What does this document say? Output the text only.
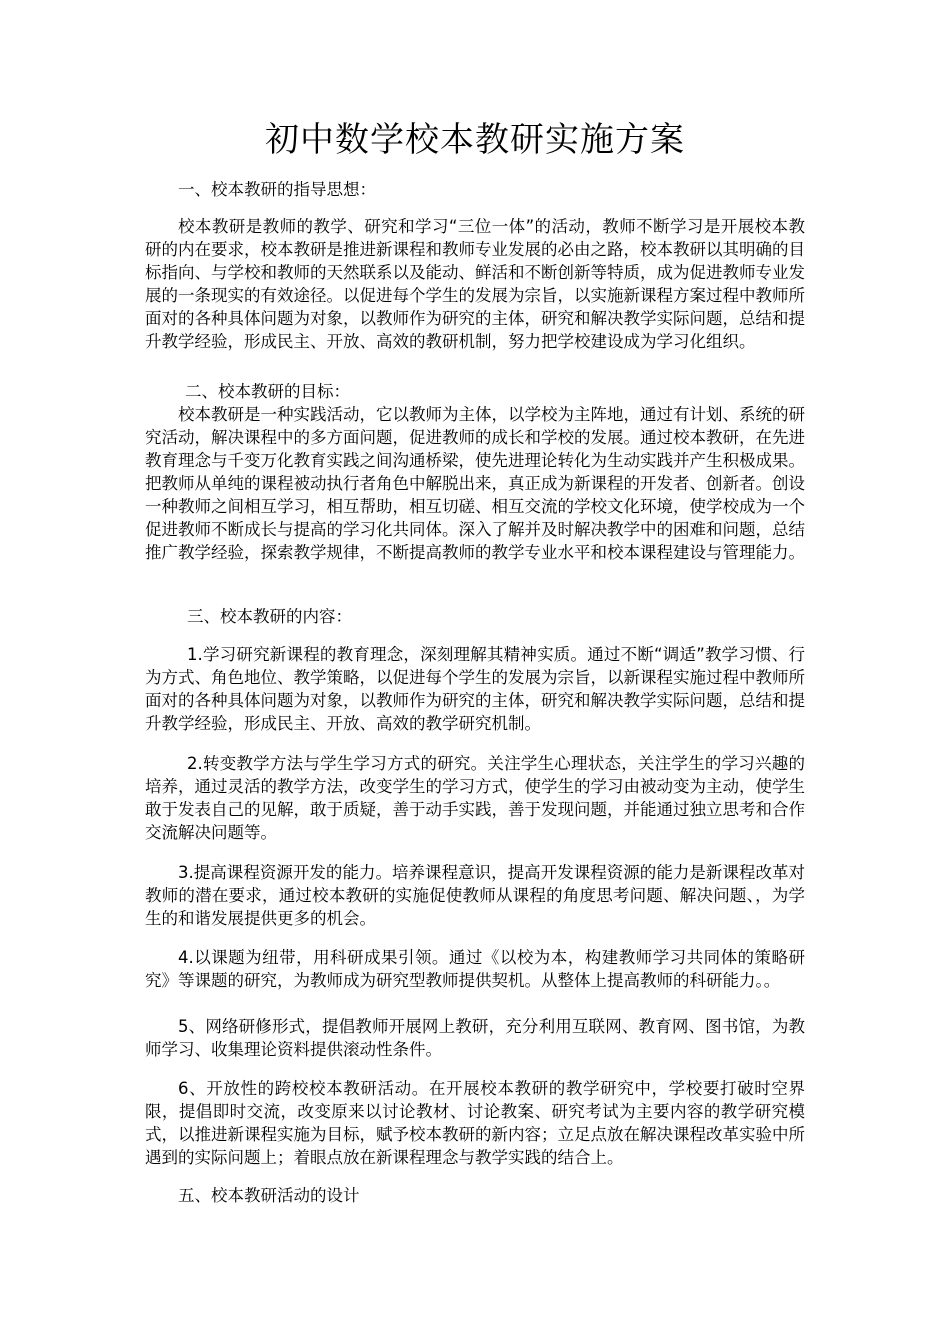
初中数学校本教研实施方案
一、校本教研的指导思想：
校本教研是教师的教学、研究和学习“三位一体”的活动，教师不断学习是开展校本教研的内在要求，校本教研是推进新课程和教师专业发展的必由之路，校本教研以其明确的目标指向、与学校和教师的天然联系以及能动、鲜活和不断创新等特质，成为促进教师专业发展的一条现实的有效途径。以促进每个学生的发展为宗旨，以实施新课程方案过程中教师所面对的各种具体问题为对象，以教师作为研究的主体，研究和解决教学实际问题，总结和提升教学经验，形成民主、开放、高效的教研机制，努力把学校建设成为学习化组织。
二、校本教研的目标：
校本教研是一种实践活动，它以教师为主体，以学校为主阵地，通过有计划、系统的研究活动，解决课程中的多方面问题，促进教师的成长和学校的发展。通过校本教研，在先进教育理念与千变万化教育实践之间沟通桥梁，使先进理论转化为生动实践并产生积极成果。把教师从单纯的课程被动执行者角色中解脱出来，真正成为新课程的开发者、创新者。创设一种教师之间相互学习，相互帮助，相互切磋、相互交流的学校文化环境，使学校成为一个促进教师不断成长与提高的学习化共同体。深入了解并及时解决教学中的困难和问题，总结推广教学经验，探索教学规律，不断提高教师的教学专业水平和校本课程建设与管理能力。
三、校本教研的内容：
1.学习研究新课程的教育理念，深刻理解其精神实质。通过不断“调适”教学习惯、行为方式、角色地位、教学策略，以促进每个学生的发展为宗旨，以新课程实施过程中教师所面对的各种具体问题为对象，以教师作为研究的主体，研究和解决教学实际问题，总结和提升教学经验，形成民主、开放、高效的教学研究机制。
2.转变教学方法与学生学习方式的研究。关注学生心理状态，关注学生的学习兴趣的培养，通过灵活的教学方法，改变学生的学习方式，使学生的学习由被动变为主动，使学生敢于发表自己的见解，敢于质疑，善于动手实践，善于发现问题，并能通过独立思考和合作交流解决问题等。
3.提高课程资源开发的能力。培养课程意识，提高开发课程资源的能力是新课程改革对教师的潜在要求，通过校本教研的实施促使教师从课程的角度思考问题、解决问题、，为学生的和谐发展提供更多的机会。
4.以课题为纽带，用科研成果引领。通过《以校为本，构建教师学习共同体的策略研究》等课题的研究，为教师成为研究型教师提供契机。从整体上提高教师的科研能力。。
5、网络研修形式，提倡教师开展网上教研，充分利用互联网、教育网、图书馆，为教师学习、收集理论资料提供滚动性条件。
6、开放性的跨校校本教研活动。在开展校本教研的教学研究中，学校要打破时空界限，提倡即时交流，改变原来以讨论教材、讨论教案、研究考试为主要内容的教学研究模式，以推进新课程实施为目标，赋予校本教研的新内容；立足点放在解决课程改革实验中所遇到的实际问题上；着眼点放在新课程理念与教学实践的结合上。
五、校本教研活动的设计
